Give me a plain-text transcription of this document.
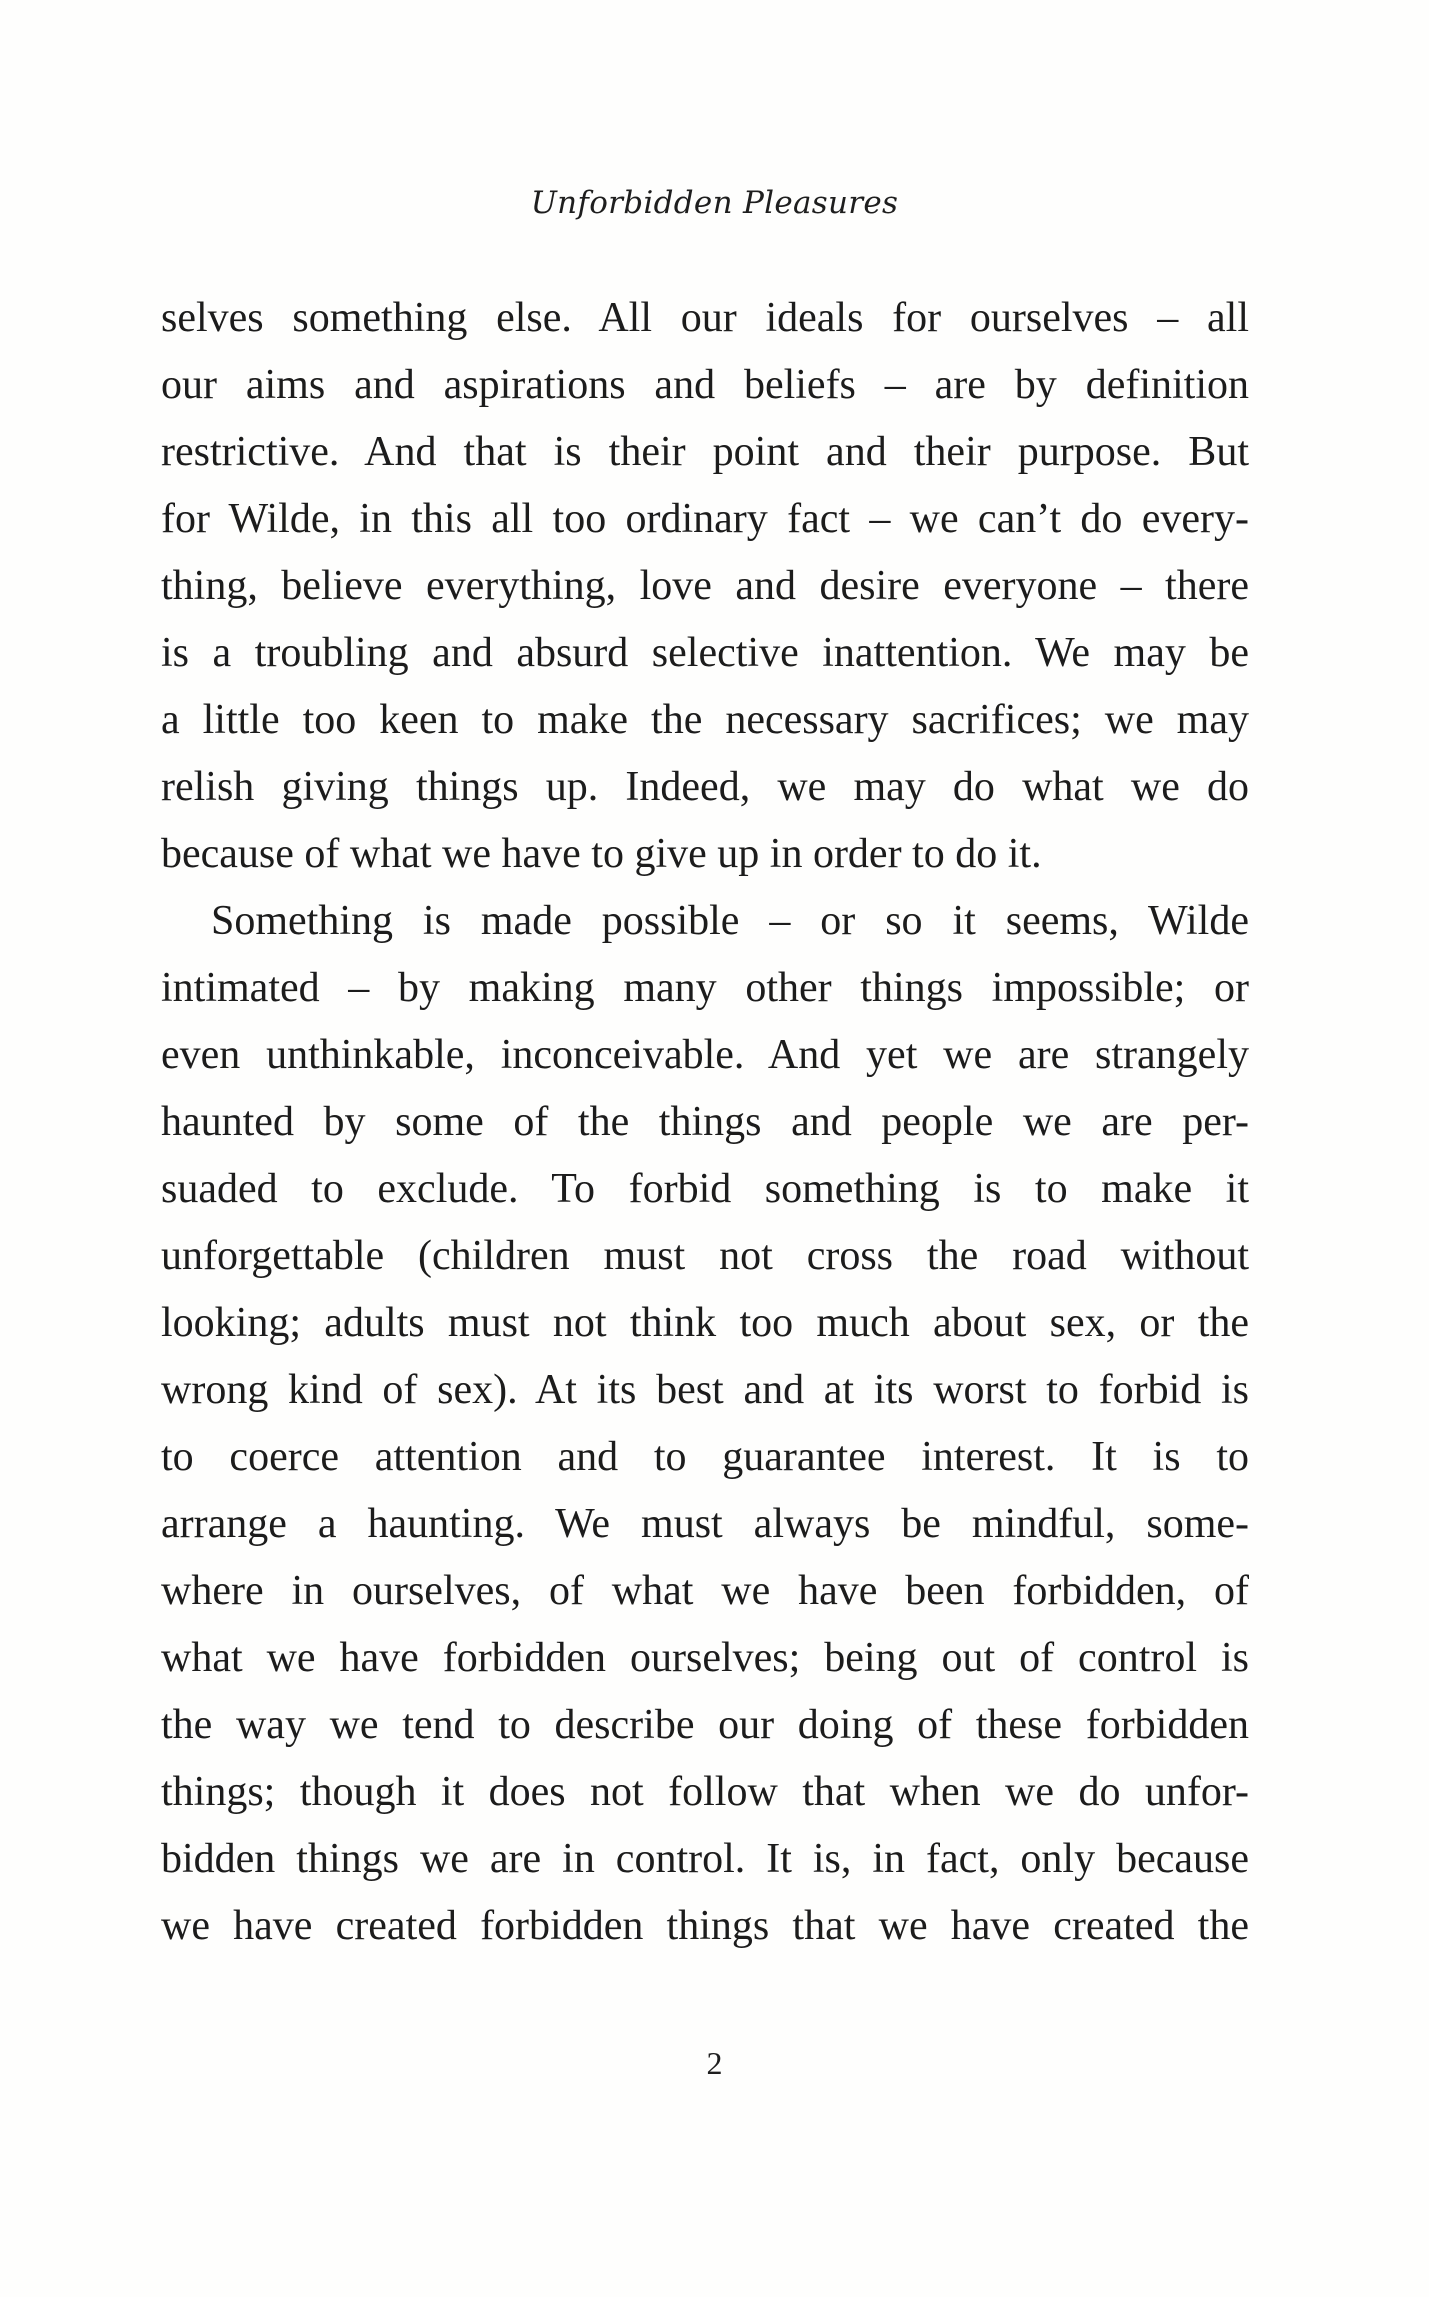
Unforbidden Pleasures
selves something else. All our ideals for ourselves – all
our aims and aspirations and beliefs – are by definition
restrictive. And that is their point and their purpose. But
for Wilde, in this all too ordinary fact – we can’t do every-
thing, believe everything, love and desire everyone – there
is a troubling and absurd selective inattention. We may be
a little too keen to make the necessary sacrifices; we may
relish giving things up. Indeed, we may do what we do
because of what we have to give up in order to do it.
Something is made possible – or so it seems, Wilde
intimated – by making many other things impossible; or
even unthinkable, inconceivable. And yet we are strangely
haunted by some of the things and people we are per-
suaded to exclude. To forbid something is to make it
unforgettable (children must not cross the road without
looking; adults must not think too much about sex, or the
wrong kind of sex). At its best and at its worst to forbid is
to coerce attention and to guarantee interest. It is to
arrange a haunting. We must always be mindful, some-
where in ourselves, of what we have been forbidden, of
what we have forbidden ourselves; being out of control is
the way we tend to describe our doing of these forbidden
things; though it does not follow that when we do unfor-
bidden things we are in control. It is, in fact, only because
we have created forbidden things that we have created the
2
